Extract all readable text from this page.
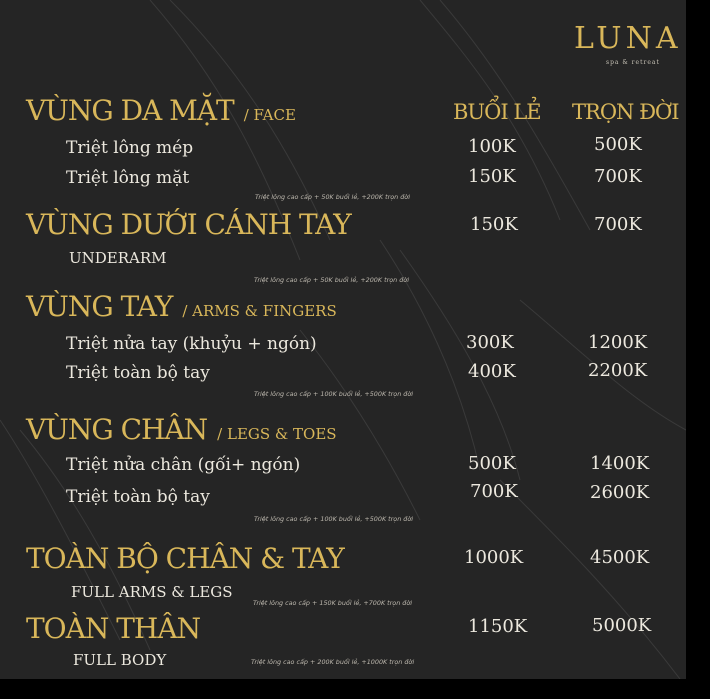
LUNA
spa & retreat
BUỔI LẺ TRỌN ĐỜI
VÙNG DA MẶT / FACE
Triệt lông mép	100K	500K
Triệt lông mặt	150K	700K
Triệt lông cao cấp + 50K buổi lẻ, +200K trọn đời
VÙNG DƯỚI CÁNH TAY
UNDERARM
150K	700K
Triệt lông cao cấp + 50K buổi lẻ, +200K trọn đời
VÙNG TAY / ARMS & FINGERS
Triệt nửa tay (khuỷu + ngón)	300K	1200K
Triệt toàn bộ tay	400K	2200K
Triệt lông cao cấp + 100K buổi lẻ, +500K trọn đời
VÙNG CHÂN / LEGS & TOES
Triệt nửa chân (gối+ ngón)	500K	1400K
Triệt toàn bộ tay	700K	2600K
Triệt lông cao cấp + 100K buổi lẻ, +500K trọn đời
TOÀN BỘ CHÂN & TAY
FULL ARMS & LEGS
1000K	4500K
Triệt lông cao cấp + 150K buổi lẻ, +700K trọn đời
TOÀN THÂN
FULL BODY
1150K	5000K
Triệt lông cao cấp + 200K buổi lẻ, +1000K trọn đời
